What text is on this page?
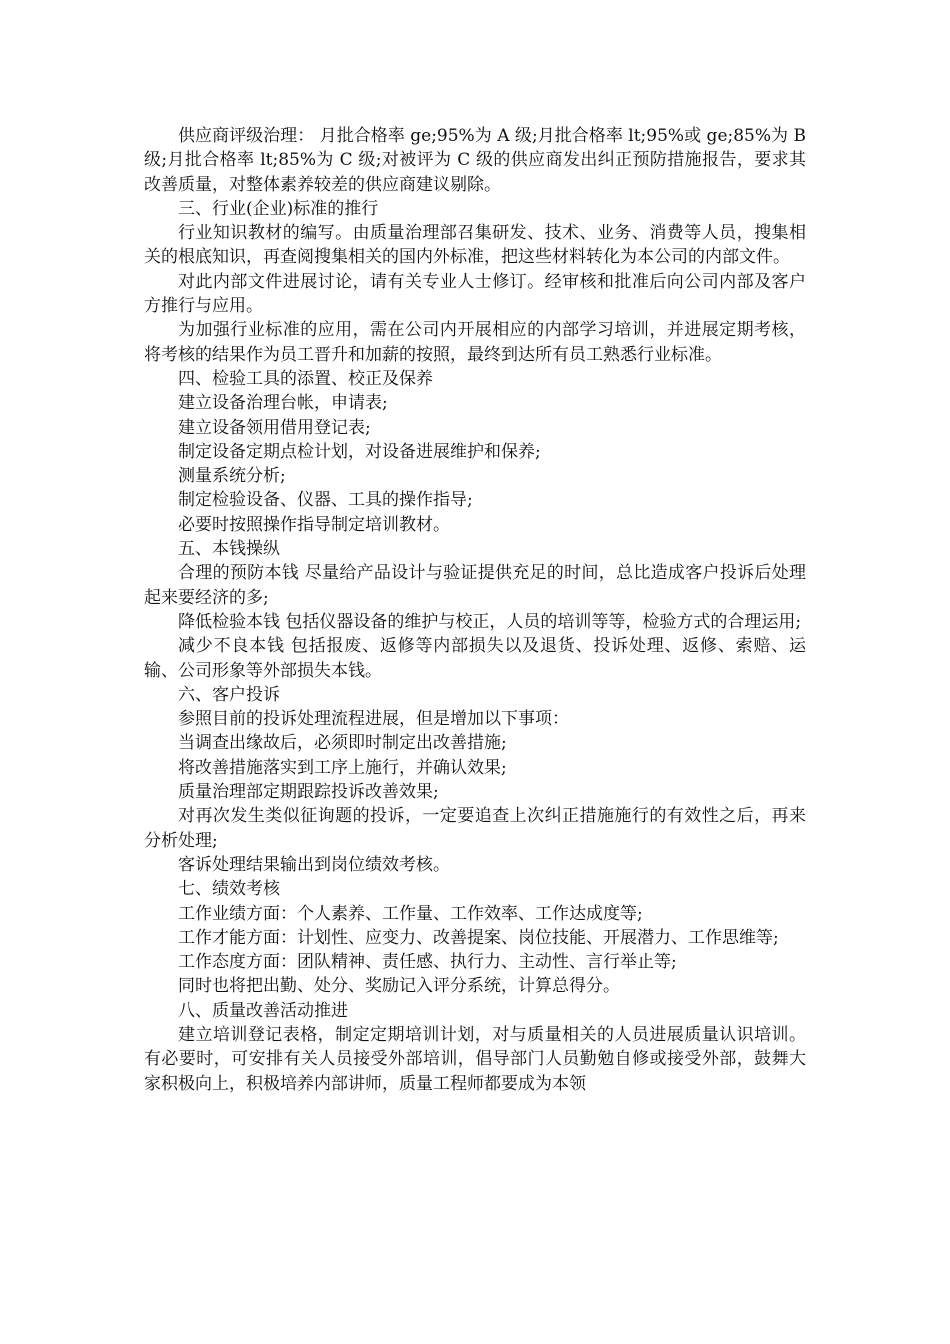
供应商评级治理： 月批合格率 ge;95%为 A 级;月批合格率 lt;95%或 ge;85%为 B 级;月批合格率 lt;85%为 C 级;对被评为 C 级的供应商发出纠正预防措施报告，要求其改善质量，对整体素养较差的供应商建议剔除。

三、行业(企业)标准的推行

行业知识教材的编写。由质量治理部召集研发、技术、业务、消费等人员，搜集相关的根底知识，再查阅搜集相关的国内外标准，把这些材料转化为本公司的内部文件。

对此内部文件进展讨论，请有关专业人士修订。经审核和批准后向公司内部及客户方推行与应用。

为加强行业标准的应用，需在公司内开展相应的内部学习培训，并进展定期考核，将考核的结果作为员工晋升和加薪的按照，最终到达所有员工熟悉行业标准。

四、检验工具的添置、校正及保养

建立设备治理台帐，申请表;

建立设备领用借用登记表;

制定设备定期点检计划，对设备进展维护和保养;

测量系统分析;

制定检验设备、仪器、工具的操作指导;

必要时按照操作指导制定培训教材。

五、本钱操纵

合理的预防本钱 尽量给产品设计与验证提供充足的时间，总比造成客户投诉后处理起来要经济的多;

降低检验本钱 包括仪器设备的维护与校正，人员的培训等等，检验方式的合理运用;

减少不良本钱 包括报废、返修等内部损失以及退货、投诉处理、返修、索赔、运输、公司形象等外部损失本钱。

六、客户投诉

参照目前的投诉处理流程进展，但是增加以下事项：

当调查出缘故后，必须即时制定出改善措施;

将改善措施落实到工序上施行，并确认效果;

质量治理部定期跟踪投诉改善效果;

对再次发生类似征询题的投诉，一定要追查上次纠正措施施行的有效性之后，再来分析处理;

客诉处理结果输出到岗位绩效考核。

七、绩效考核

工作业绩方面：个人素养、工作量、工作效率、工作达成度等;

工作才能方面：计划性、应变力、改善提案、岗位技能、开展潜力、工作思维等;

工作态度方面：团队精神、责任感、执行力、主动性、言行举止等;

同时也将把出勤、处分、奖励记入评分系统，计算总得分。

八、质量改善活动推进

建立培训登记表格，制定定期培训计划，对与质量相关的人员进展质量认识培训。有必要时，可安排有关人员接受外部培训，倡导部门人员勤勉自修或接受外部，鼓舞大家积极向上，积极培养内部讲师，质量工程师都要成为本领
